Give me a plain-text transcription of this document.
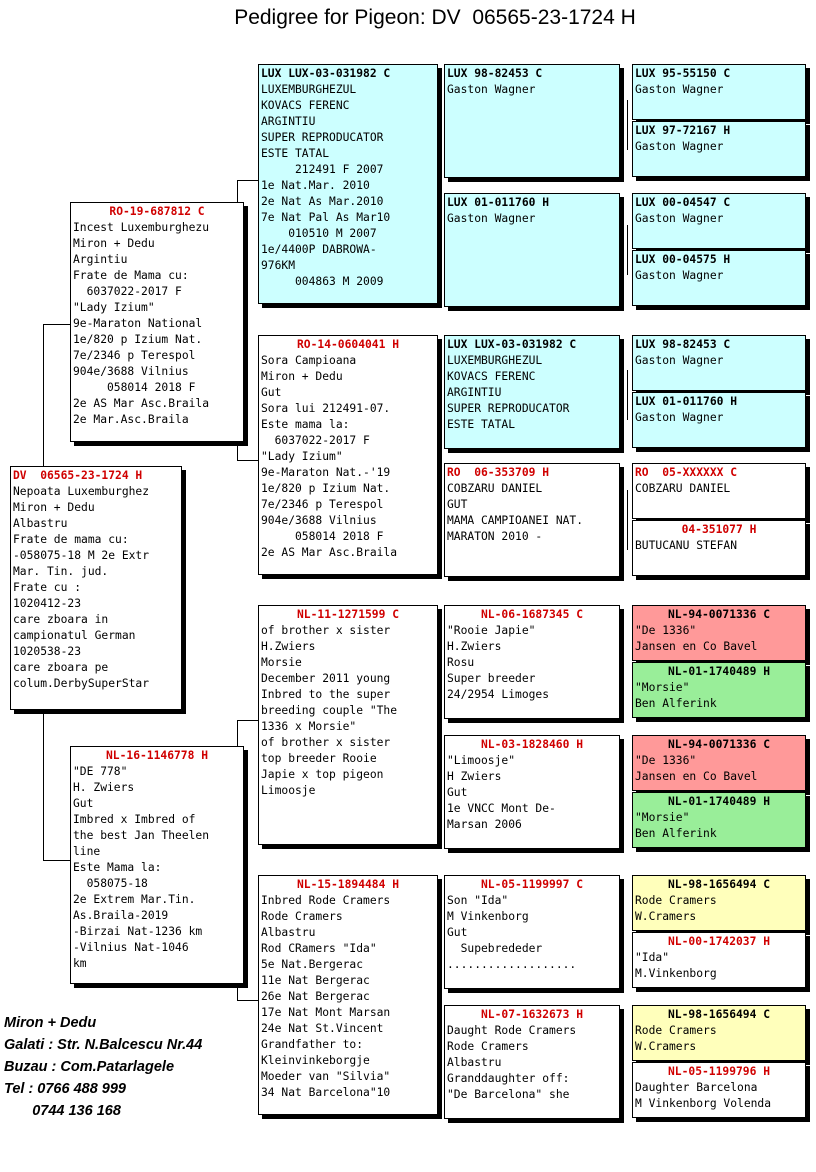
Pedigree for Pigeon: DV  06565-23-1724 H
DV  06565-23-1724 H
Nepoata Luxemburghez
Miron + Dedu
Albastru
Frate de mama cu:
-058075-18 M 2e Extr
Mar. Tin. jud.
Frate cu :
1020412-23
care zboara in
campionatul German
1020538-23
care zboara pe
colum.DerbySuperStar
RO-19-687812 C
Incest Luxemburghezu
Miron + Dedu
Argintiu
Frate de Mama cu:
6037022-2017 F
"Lady Izium"
9e-Maraton National
1e/820 p Izium Nat.
7e/2346 p Terespol
904e/3688 Vilnius
058014 2018 F
2e AS Mar Asc.Braila
2e Mar.Asc.Braila
NL-16-1146778 H
"DE 778"
H. Zwiers
Gut
Imbred x Imbred of
the best Jan Theelen
line
Este Mama la:
058075-18
2e Extrem Mar.Tin.
As.Braila-2019
-Birzai Nat-1236 km
-Vilnius Nat-1046
km
LUX LUX-03-031982 C
LUXEMBURGHEZUL
KOVACS FERENC
ARGINTIU
SUPER REPRODUCATOR
ESTE TATAL
212491 F 2007
1e Nat.Mar. 2010
2e Nat As Mar.2010
7e Nat Pal As Mar10
010510 M 2007
1e/4400P DABROWA-
976KM
004863 M 2009
RO-14-0604041 H
Sora Campioana
Miron + Dedu
Gut
Sora lui 212491-07.
Este mama la:
6037022-2017 F
"Lady Izium"
9e-Maraton Nat.-'19
1e/820 p Izium Nat.
7e/2346 p Terespol
904e/3688 Vilnius
058014 2018 F
2e AS Mar Asc.Braila
NL-11-1271599 C
of brother x sister
H.Zwiers
Morsie
December 2011 young
Inbred to the super
breeding couple "The
1336 x Morsie"
of brother x sister
top breeder Rooie
Japie x top pigeon
Limoosje
NL-15-1894484 H
Inbred Rode Cramers
Rode Cramers
Albastru
Rod CRamers "Ida"
5e Nat.Bergerac
11e Nat Bergerac
26e Nat Bergerac
17e Nat Mont Marsan
24e Nat St.Vincent
Grandfather to:
Kleinvinkeborgje
Moeder van "Silvia"
34 Nat Barcelona"10
LUX 98-82453 C
Gaston Wagner
LUX 01-011760 H
Gaston Wagner
LUX LUX-03-031982 C
LUXEMBURGHEZUL
KOVACS FERENC
ARGINTIU
SUPER REPRODUCATOR
ESTE TATAL
RO  06-353709 H
COBZARU DANIEL
GUT
MAMA CAMPIOANEI NAT.
MARATON 2010 -
NL-06-1687345 C
"Rooie Japie"
H.Zwiers
Rosu
Super breeder
24/2954 Limoges
NL-03-1828460 H
"Limoosje"
H Zwiers
Gut
1e VNCC Mont De-
Marsan 2006
NL-05-1199997 C
Son "Ida"
M Vinkenborg
Gut
Supebrededer
...................
NL-07-1632673 H
Daught Rode Cramers
Rode Cramers
Albastru
Granddaughter off:
"De Barcelona" she
LUX 95-55150 C
Gaston Wagner
LUX 97-72167 H
Gaston Wagner
LUX 00-04547 C
Gaston Wagner
LUX 00-04575 H
Gaston Wagner
LUX 98-82453 C
Gaston Wagner
LUX 01-011760 H
Gaston Wagner
RO  05-XXXXXX C
COBZARU DANIEL
04-351077 H
BUTUCANU STEFAN
NL-94-0071336 C
"De 1336"
Jansen en Co Bavel
NL-01-1740489 H
"Morsie"
Ben Alferink
NL-94-0071336 C
"De 1336"
Jansen en Co Bavel
NL-01-1740489 H
"Morsie"
Ben Alferink
NL-98-1656494 C
Rode Cramers
W.Cramers
NL-00-1742037 H
"Ida"
M.Vinkenborg
NL-98-1656494 C
Rode Cramers
W.Cramers
NL-05-1199796 H
Daughter Barcelona
M Vinkenborg Volenda
Miron + Dedu
Galati : Str. N.Balcescu Nr.44
Buzau : Com.Patarlagele
Tel : 0766 488 999
0744 136 168
